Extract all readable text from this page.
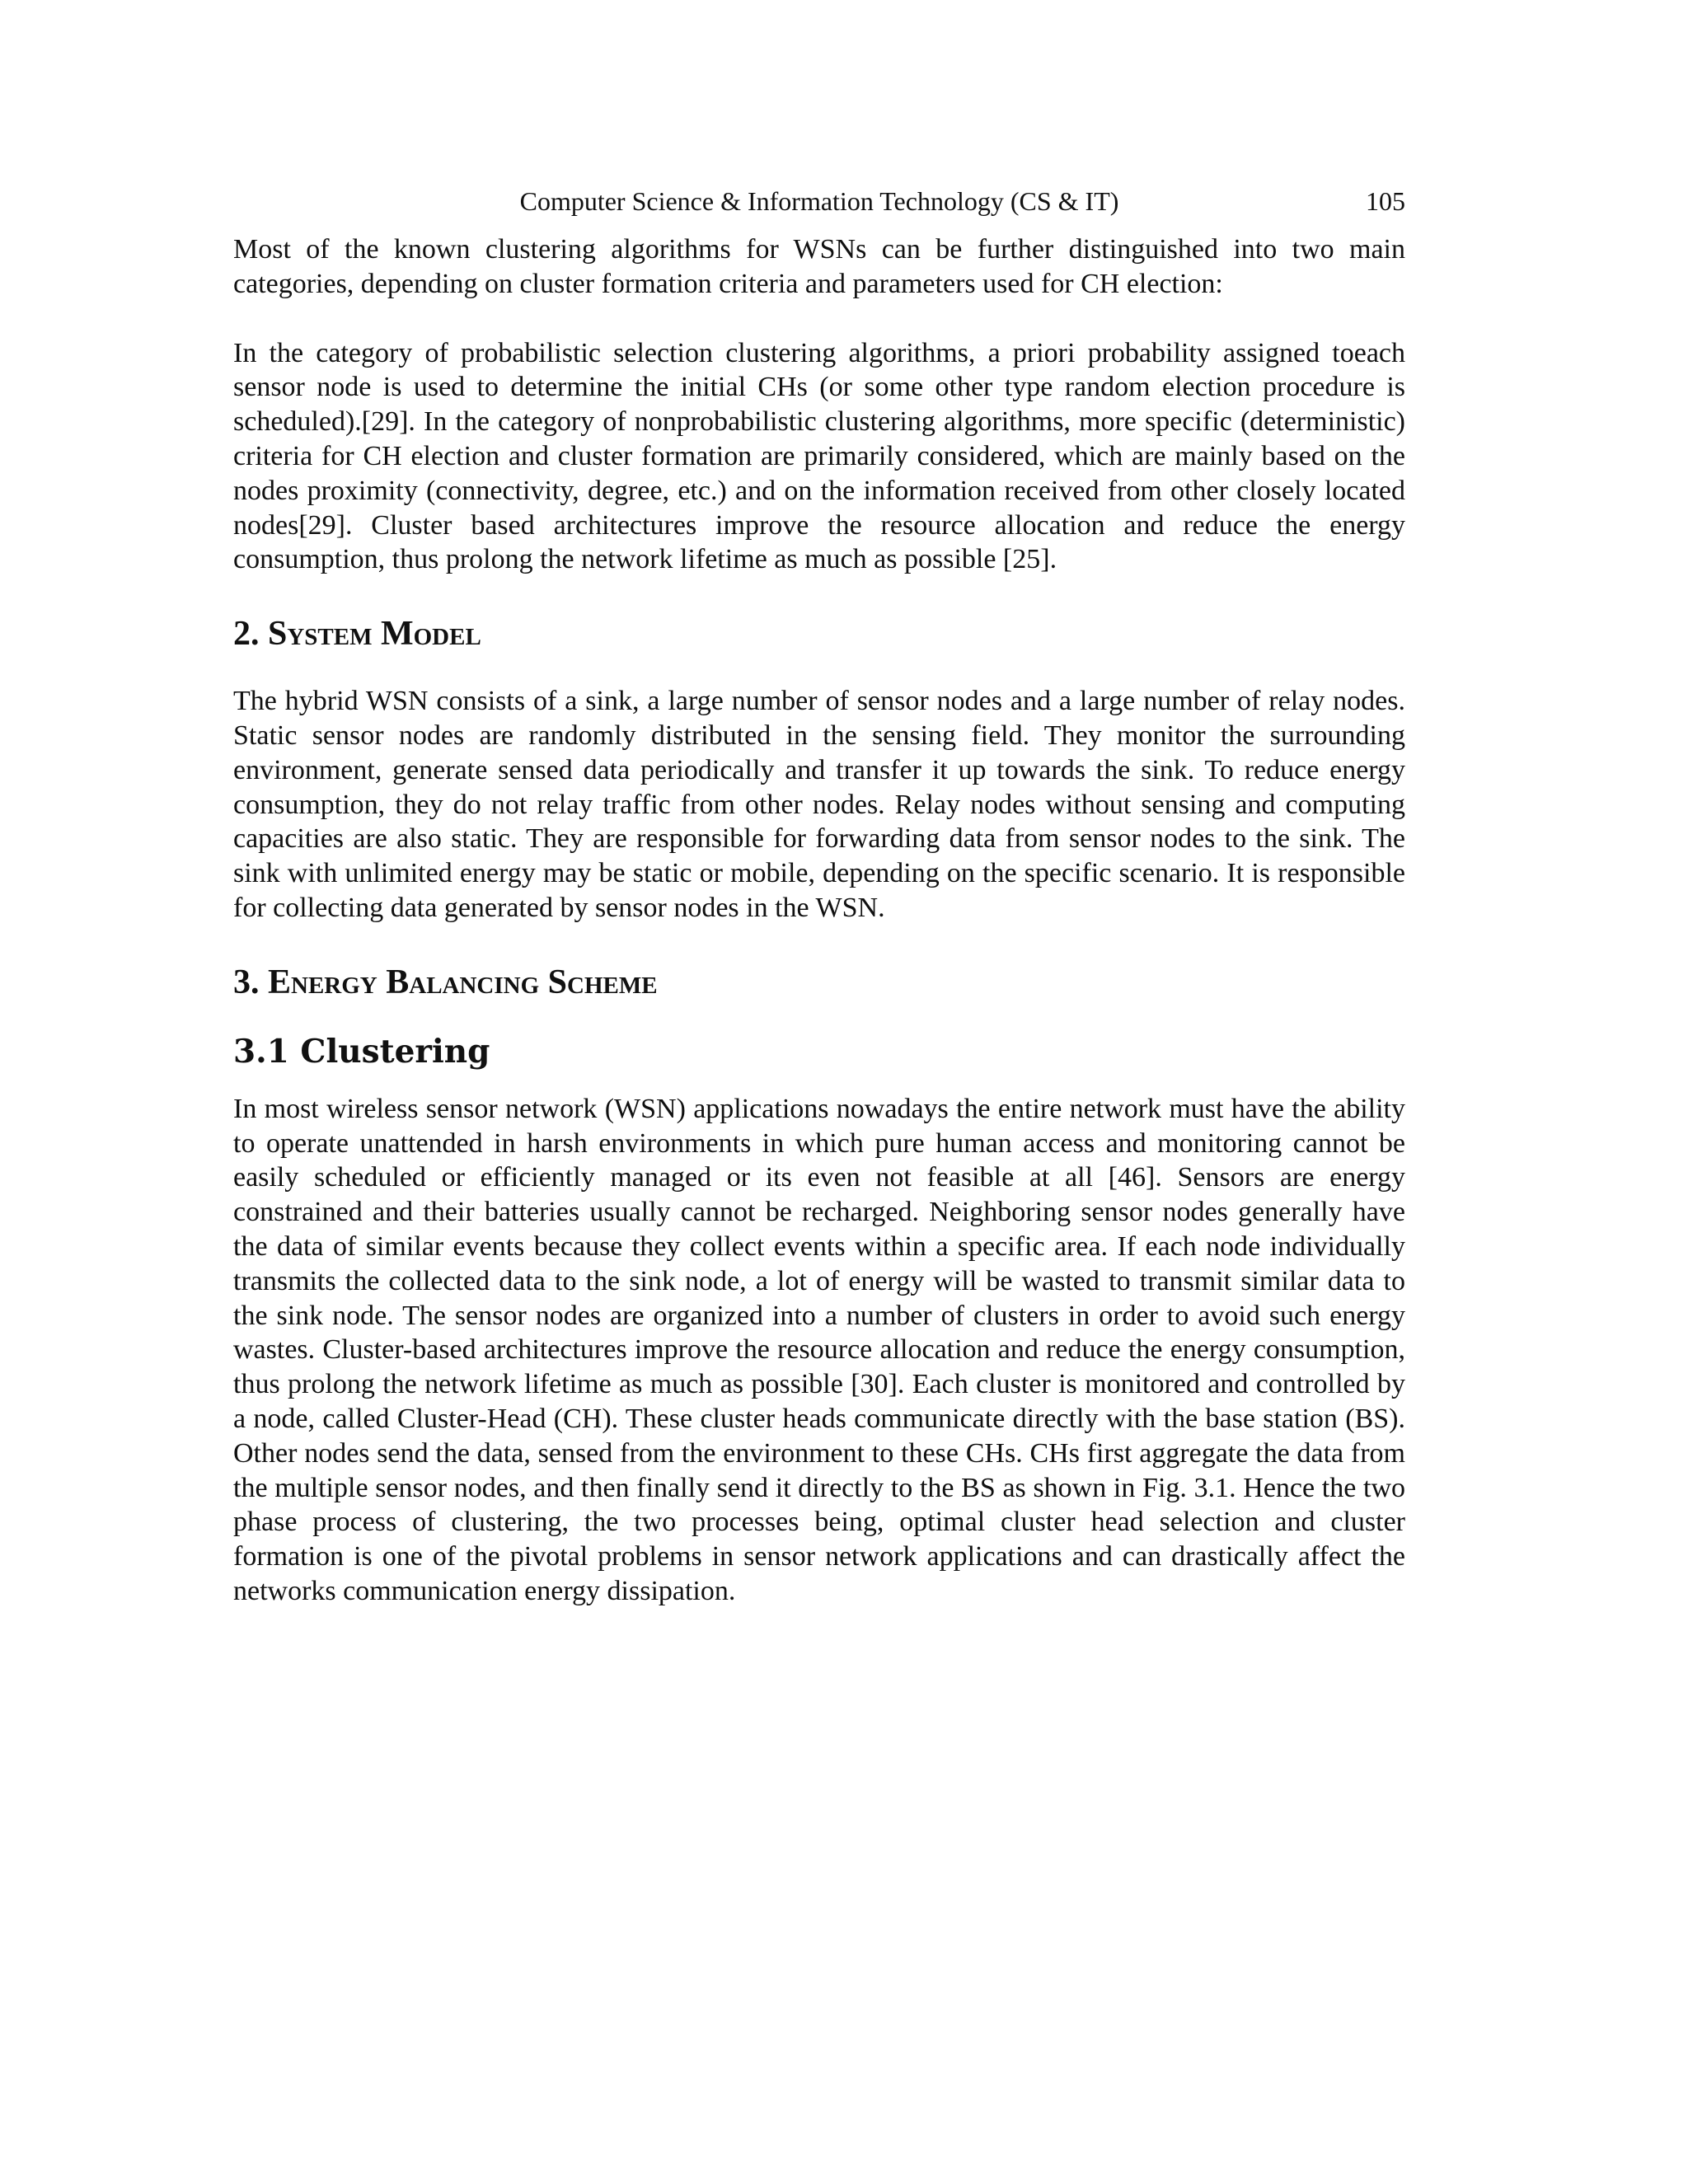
Computer Science & Information Technology (CS & IT)	105

Most of the known clustering algorithms for WSNs can be further distinguished into two main categories, depending on cluster formation criteria and parameters used for CH election:

In the category of probabilistic selection clustering algorithms, a priori probability assigned toeach sensor node is used to determine the initial CHs (or some other type random election procedure is scheduled).[29]. In the category of nonprobabilistic clustering algorithms, more specific (deterministic) criteria for CH election and cluster formation are primarily considered, which are mainly based on the nodes proximity (connectivity, degree, etc.) and on the information received from other closely located nodes[29]. Cluster based architectures improve the resource allocation and reduce the energy consumption, thus prolong the network lifetime as much as possible [25].

2. System Model

The hybrid WSN consists of a sink, a large number of sensor nodes and a large number of relay nodes. Static sensor nodes are randomly distributed in the sensing field. They monitor the surrounding environment, generate sensed data periodically and transfer it up towards the sink. To reduce energy consumption, they do not relay traffic from other nodes. Relay nodes without sensing and computing capacities are also static. They are responsible for forwarding data from sensor nodes to the sink. The sink with unlimited energy may be static or mobile, depending on the specific scenario. It is responsible for collecting data generated by sensor nodes in the WSN.

3. Energy Balancing Scheme
3.1 Clustering

In most wireless sensor network (WSN) applications nowadays the entire network must have the ability to operate unattended in harsh environments in which pure human access and monitoring cannot be easily scheduled or efficiently managed or its even not feasible at all [46]. Sensors are energy constrained and their batteries usually cannot be recharged. Neighboring sensor nodes generally have the data of similar events because they collect events within a specific area. If each node individually transmits the collected data to the sink node, a lot of energy will be wasted to transmit similar data to the sink node. The sensor nodes are organized into a number of clusters in order to avoid such energy wastes. Cluster-based architectures improve the resource allocation and reduce the energy consumption, thus prolong the network lifetime as much as possible [30]. Each cluster is monitored and controlled by a node, called Cluster-Head (CH). These cluster heads communicate directly with the base station (BS). Other nodes send the data, sensed from the environment to these CHs. CHs first aggregate the data from the multiple sensor nodes, and then finally send it directly to the BS as shown in Fig. 3.1. Hence the two phase process of clustering, the two processes being, optimal cluster head selection and cluster formation is one of the pivotal problems in sensor network applications and can drastically affect the networks communication energy dissipation.
